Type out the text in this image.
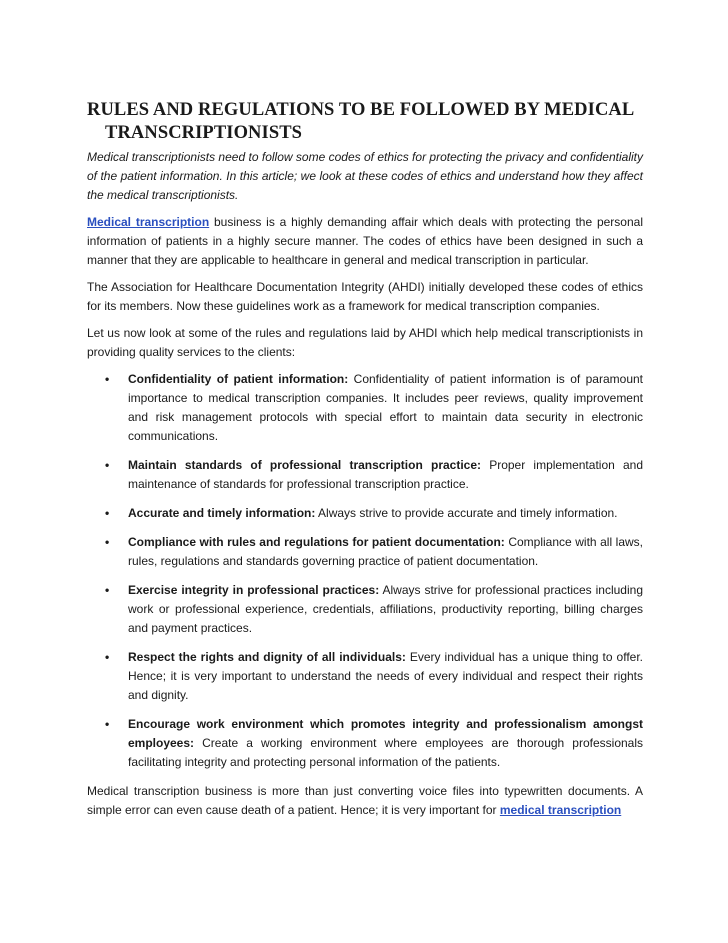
RULES AND REGULATIONS TO BE FOLLOWED BY MEDICAL
TRANSCRIPTIONISTS

Medical transcriptionists need to follow some codes of ethics for protecting the privacy and confidentiality of the patient information. In this article; we look at these codes of ethics and understand how they affect the medical transcriptionists.

Medical transcription business is a highly demanding affair which deals with protecting the personal information of patients in a highly secure manner. The codes of ethics have been designed in such a manner that they are applicable to healthcare in general and medical transcription in particular.

The Association for Healthcare Documentation Integrity (AHDI) initially developed these codes of ethics for its members. Now these guidelines work as a framework for medical transcription companies.

Let us now look at some of the rules and regulations laid by AHDI which help medical transcriptionists in providing quality services to the clients:

• Confidentiality of patient information: Confidentiality of patient information is of paramount importance to medical transcription companies. It includes peer reviews, quality improvement and risk management protocols with special effort to maintain data security in electronic communications.
• Maintain standards of professional transcription practice: Proper implementation and maintenance of standards for professional transcription practice.
• Accurate and timely information: Always strive to provide accurate and timely information.
• Compliance with rules and regulations for patient documentation: Compliance with all laws, rules, regulations and standards governing practice of patient documentation.
• Exercise integrity in professional practices: Always strive for professional practices including work or professional experience, credentials, affiliations, productivity reporting, billing charges and payment practices.
• Respect the rights and dignity of all individuals: Every individual has a unique thing to offer. Hence; it is very important to understand the needs of every individual and respect their rights and dignity.
• Encourage work environment which promotes integrity and professionalism amongst employees: Create a working environment where employees are thorough professionals facilitating integrity and protecting personal information of the patients.

Medical transcription business is more than just converting voice files into typewritten documents. A simple error can even cause death of a patient. Hence; it is very important for medical transcription
